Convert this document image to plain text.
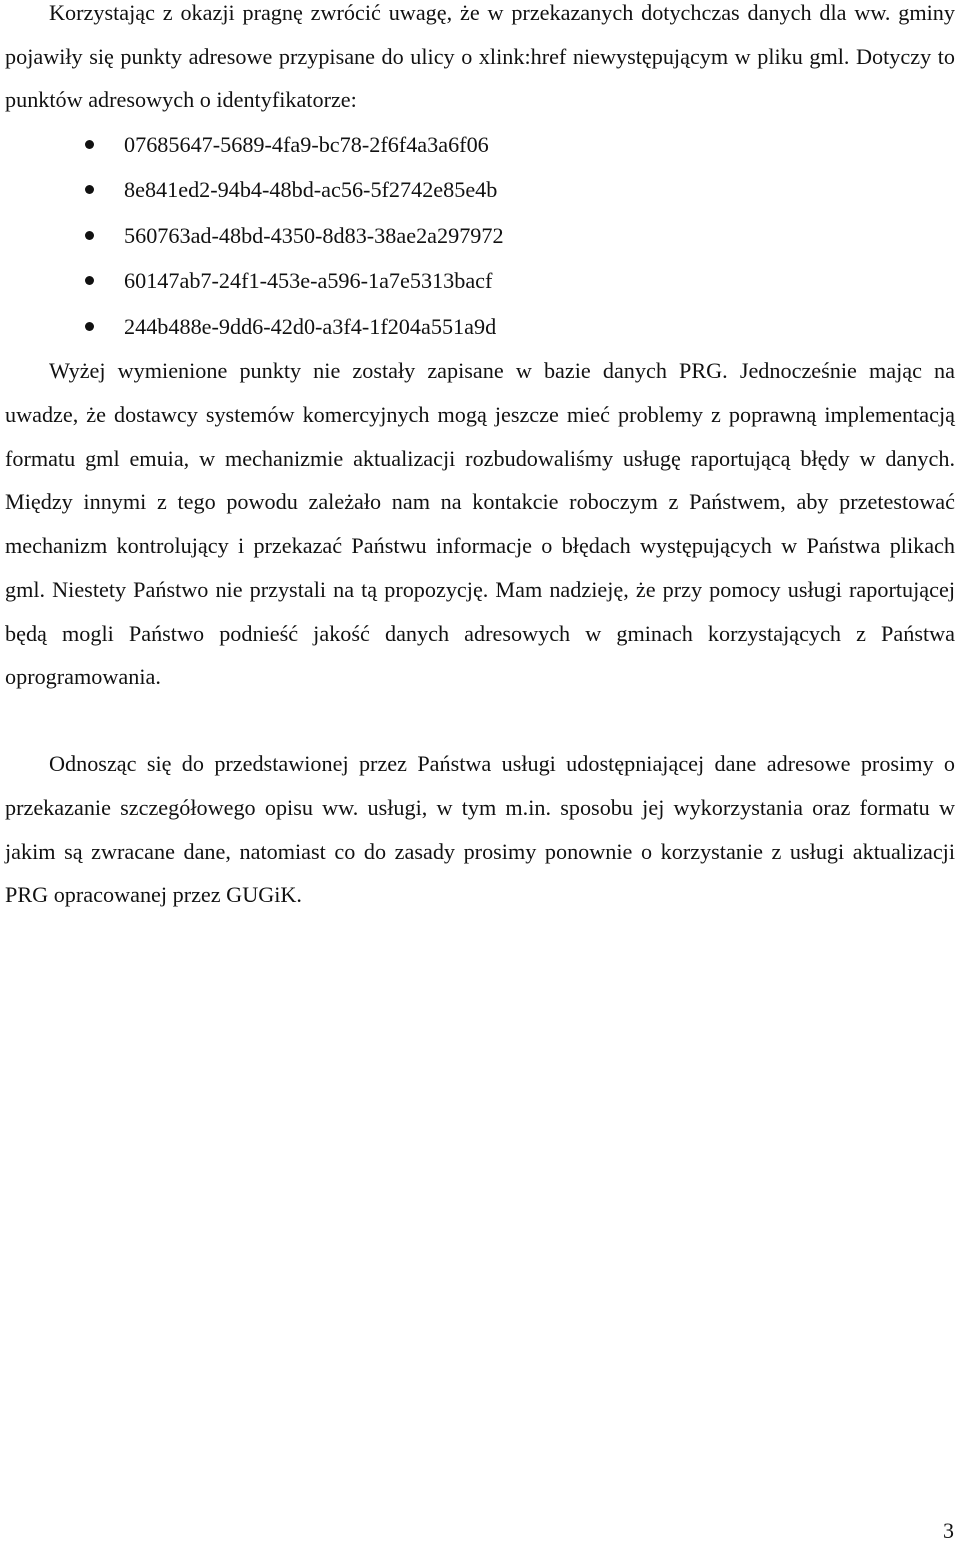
Korzystając z okazji pragnę zwrócić uwagę, że w przekazanych dotychczas danych dla ww. gminy pojawiły się punkty adresowe przypisane do ulicy o xlink:href niewystępującym w pliku gml. Dotyczy to punktów adresowych o identyfikatorze:

07685647-5689-4fa9-bc78-2f6f4a3a6f06
8e841ed2-94b4-48bd-ac56-5f2742e85e4b
560763ad-48bd-4350-8d83-38ae2a297972
60147ab7-24f1-453e-a596-1a7e5313bacf
244b488e-9dd6-42d0-a3f4-1f204a551a9d

Wyżej wymienione punkty nie zostały zapisane w bazie danych PRG. Jednocześnie mając na uwadze, że dostawcy systemów komercyjnych mogą jeszcze mieć problemy z poprawną implementacją formatu gml emuia, w mechanizmie aktualizacji rozbudowaliśmy usługę raportującą błędy w danych. Między innymi z tego powodu zależało nam na kontakcie roboczym z Państwem, aby przetestować mechanizm kontrolujący i przekazać Państwu informacje o błędach występujących w Państwa plikach gml. Niestety Państwo nie przystali na tą propozycję. Mam nadzieję, że przy pomocy usługi raportującej będą mogli Państwo podnieść jakość danych adresowych w gminach korzystających z Państwa oprogramowania.

Odnosząc się do przedstawionej przez Państwa usługi udostępniającej dane adresowe prosimy o przekazanie szczegółowego opisu ww. usługi, w tym m.in. sposobu jej wykorzystania oraz formatu w jakim są zwracane dane, natomiast co do zasady prosimy ponownie o korzystanie z usługi aktualizacji PRG opracowanej przez GUGiK.

3
